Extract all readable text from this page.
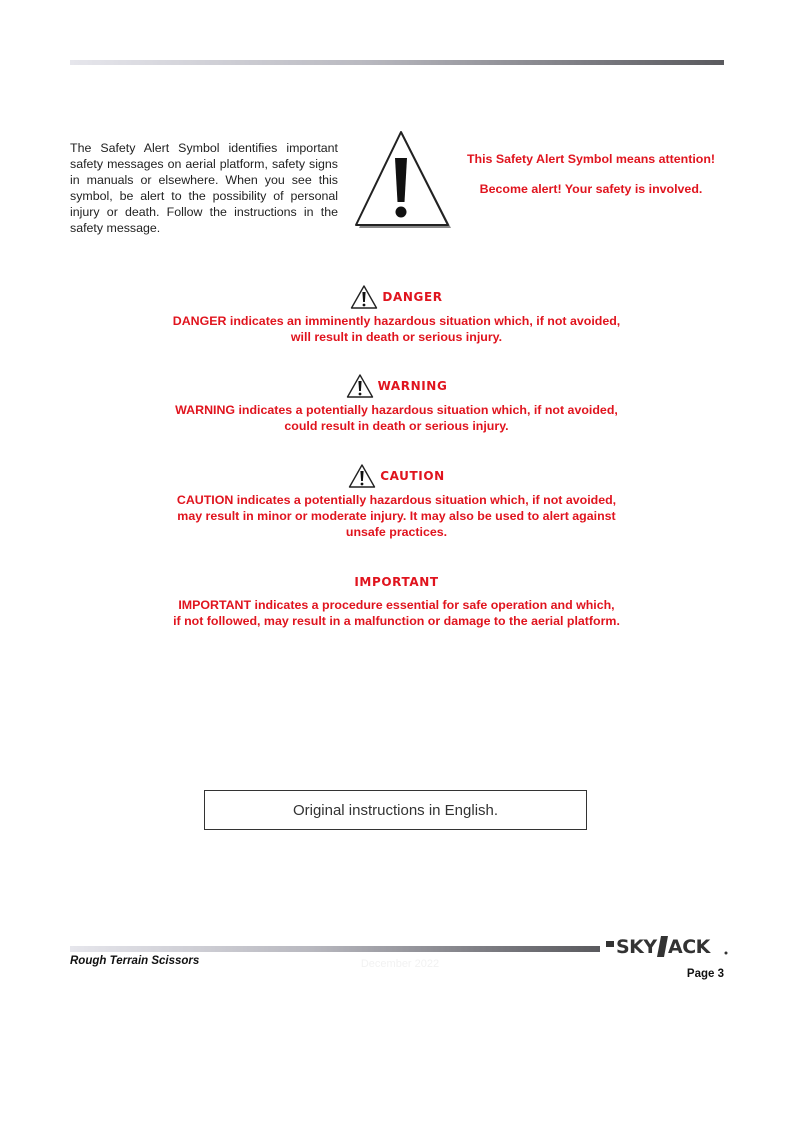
The Safety Alert Symbol identifies important safety messages on aerial platform, safety signs in manuals or elsewhere. When you see this symbol, be alert to the possibility of personal injury or death. Follow the instructions in the safety message.

This Safety Alert Symbol means attention!

Become alert! Your safety is involved.

DANGER
DANGER indicates an imminently hazardous situation which, if not avoided,
will result in death or serious injury.
WARNING
WARNING indicates a potentially hazardous situation which, if not avoided,
could result in death or serious injury.
CAUTION
CAUTION indicates a potentially hazardous situation which, if not avoided,
may result in minor or moderate injury. It may also be used to alert against
unsafe practices.
IMPORTANT
IMPORTANT indicates a procedure essential for safe operation and which,
if not followed, may result in a malfunction or damage to the aerial platform.
Original instructions in English.
SKY ACK
Rough Terrain Scissors	December 2022
Page 3
